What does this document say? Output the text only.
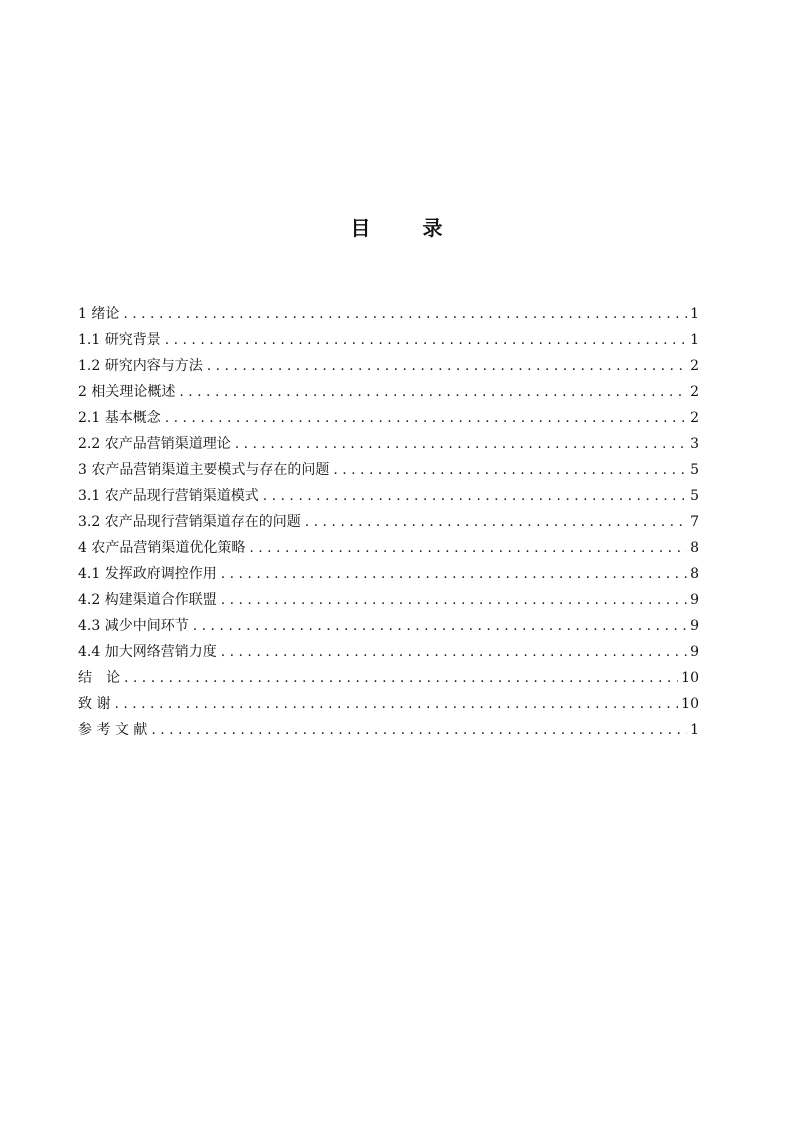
目　录
1 绪论 . . .	1
1.1 研究背景 . . .	1
1.2 研究内容与方法 . . .	2
2 相关理论概述 . . .	2
2.1 基本概念 . . .	2
2.2 农产品营销渠道理论 . . .	3
3 农产品营销渠道主要模式与存在的问题 . . .	5
3.1 农产品现行营销渠道模式 . . .	5
3.2 农产品现行营销渠道存在的问题 . . .	7
4 农产品营销渠道优化策略 . . .	8
4.1 发挥政府调控作用 . . .	8
4.2 构建渠道合作联盟 . . .	9
4.3 减少中间环节 . . .	9
4.4 加大网络营销力度 . . .	9
结　论 . . .	10
致 谢 . . .	10
参 考 文 献 . . .	1
